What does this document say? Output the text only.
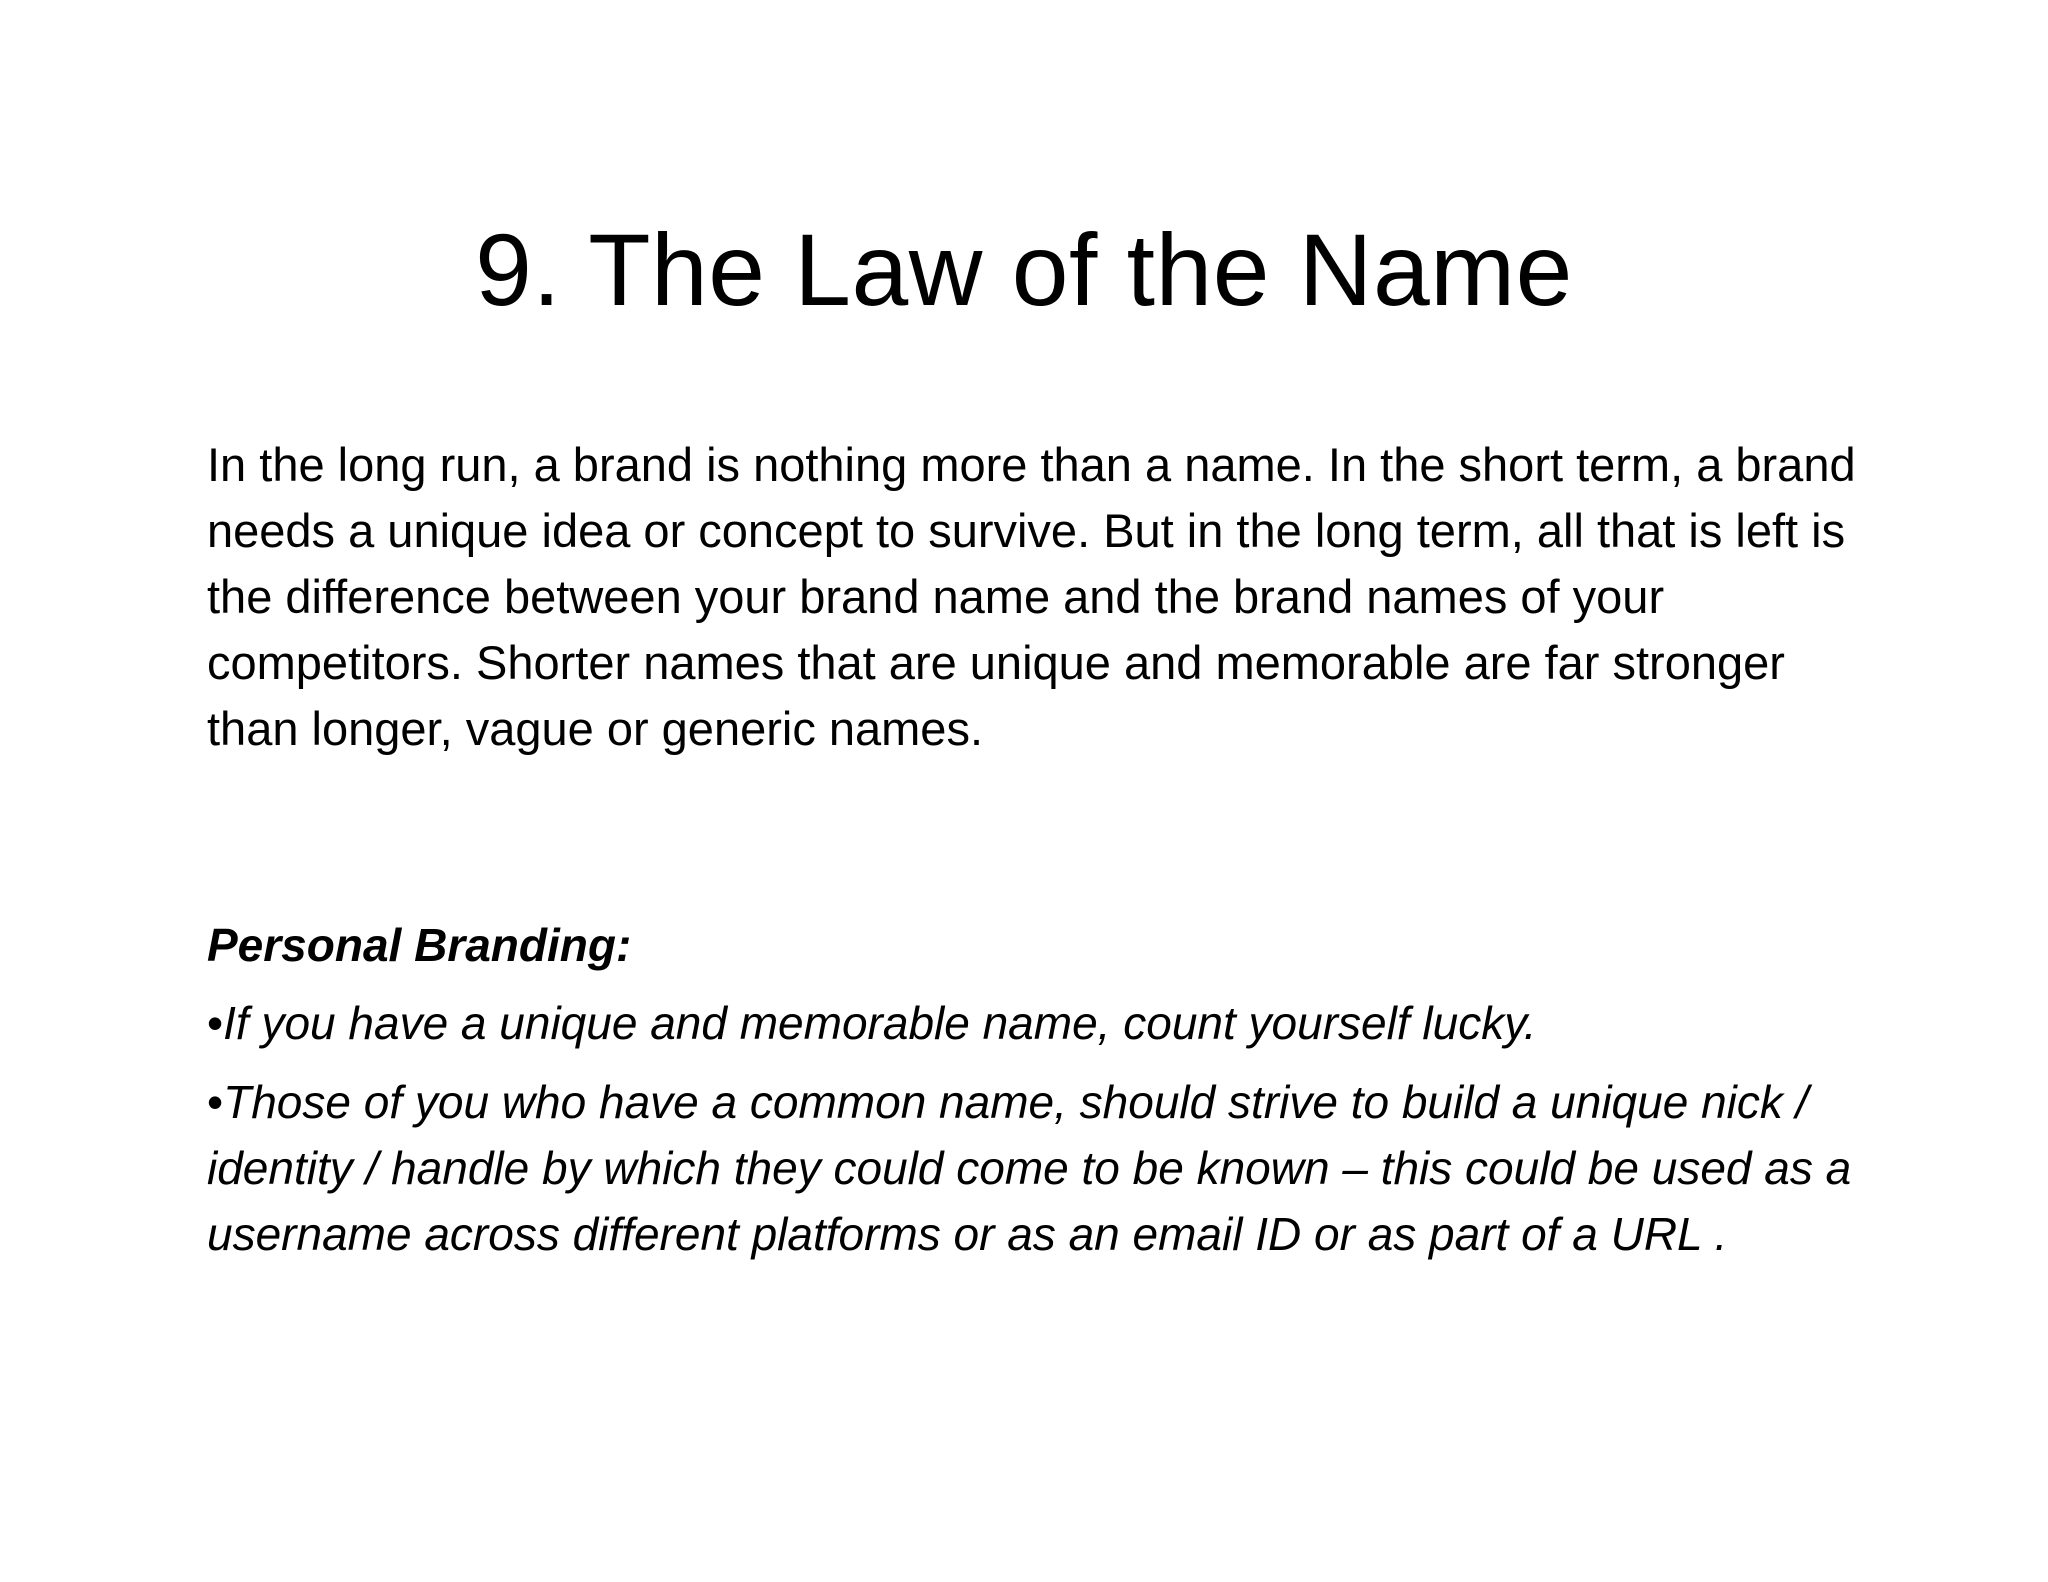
9. The Law of the Name

In the long run, a brand is nothing more than a name. In the short term, a brand needs a unique idea or concept to survive. But in the long term, all that is left is the difference between your brand name and the brand names of your competitors. Shorter names that are unique and memorable are far stronger than longer, vague or generic names.

Personal Branding:

•If you have a unique and memorable name, count yourself lucky.
•Those of you who have a common name, should strive to build a unique nick / identity / handle by which they could come to be known – this could be used as a username across different platforms or as an email ID or as part of a URL .
